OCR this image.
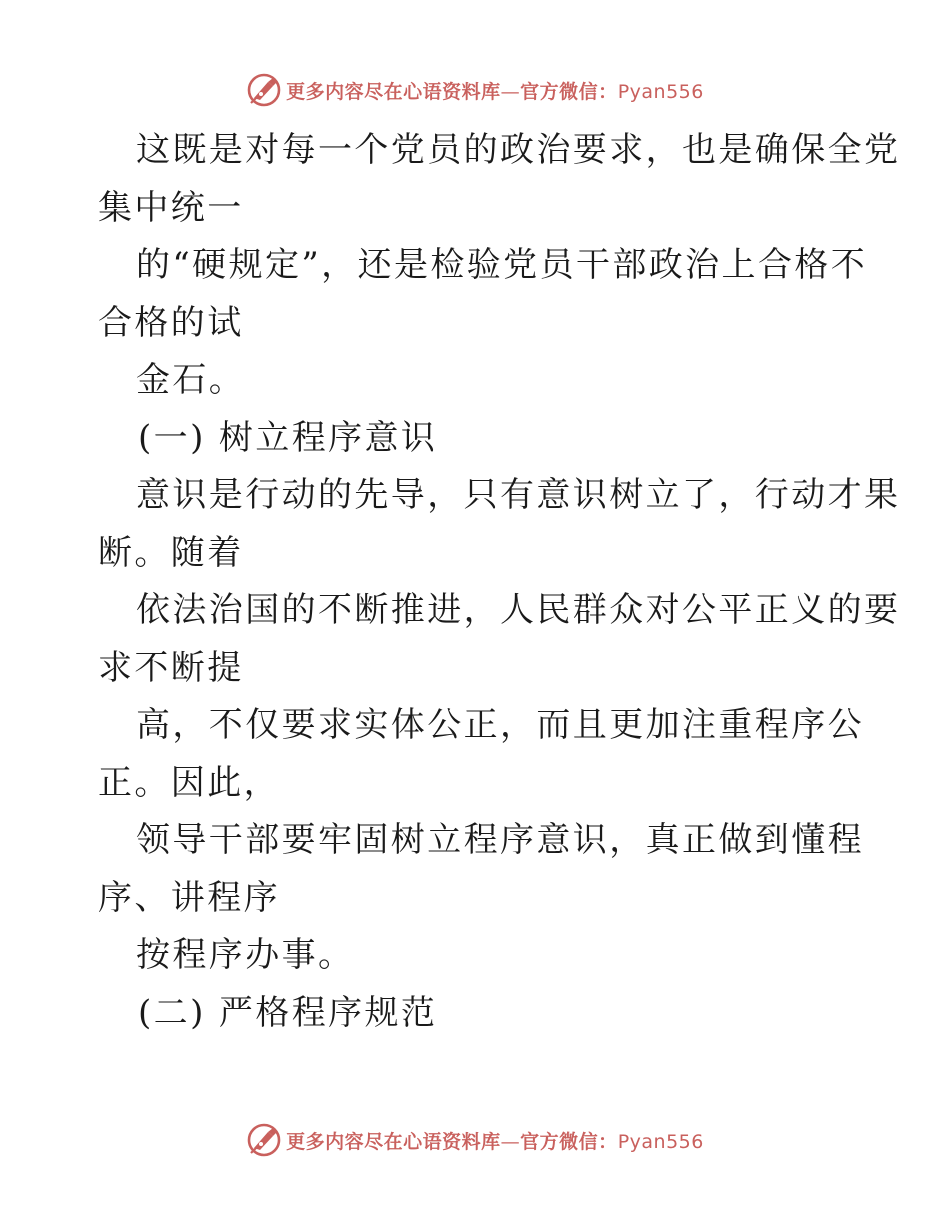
更多内容尽在心语资料库—官方微信：Pyan556
这既是对每一个党员的政治要求，也是确保全党
集中统一
的“硬规定”，还是检验党员干部政治上合格不
合格的试
金石。
(一) 树立程序意识
意识是行动的先导，只有意识树立了，行动才果
断。随着
依法治国的不断推进，人民群众对公平正义的要
求不断提
高，不仅要求实体公正，而且更加注重程序公
正。因此，
领导干部要牢固树立程序意识，真正做到懂程
序、讲程序
按程序办事。
(二) 严格程序规范
更多内容尽在心语资料库—官方微信：Pyan556
